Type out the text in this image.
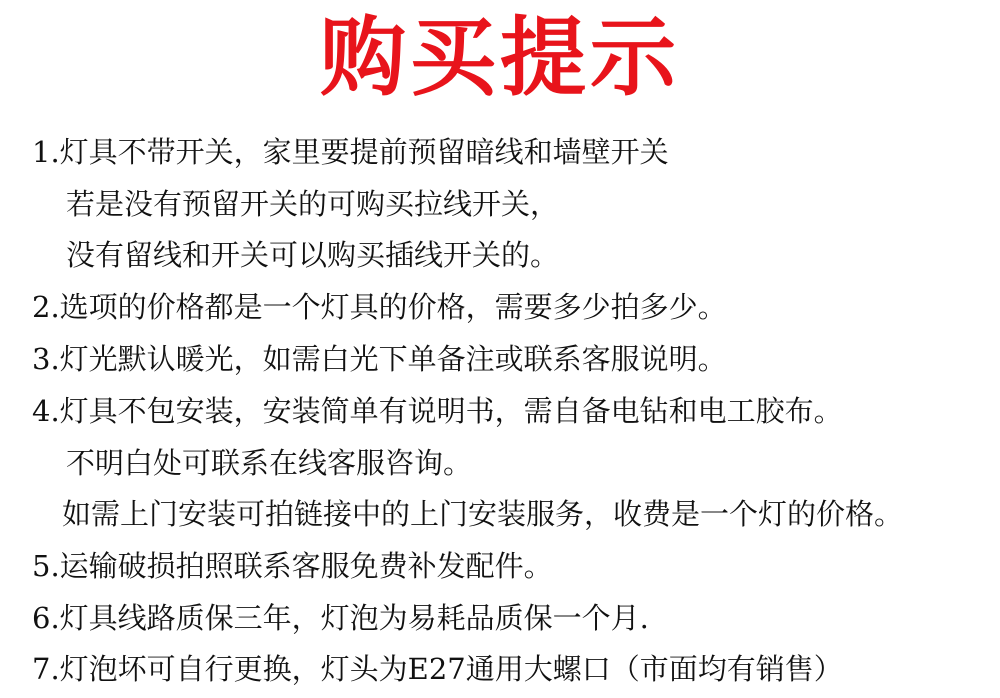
购买提示
1.灯具不带开关，家里要提前预留暗线和墙壁开关
若是没有预留开关的可购买拉线开关，
没有留线和开关可以购买插线开关的。
2.选项的价格都是一个灯具的价格，需要多少拍多少。
3.灯光默认暖光，如需白光下单备注或联系客服说明。
4.灯具不包安装，安装简单有说明书，需自备电钻和电工胶布。
不明白处可联系在线客服咨询。
如需上门安装可拍链接中的上门安装服务，收费是一个灯的价格。
5.运输破损拍照联系客服免费补发配件。
6.灯具线路质保三年，灯泡为易耗品质保一个月.
7.灯泡坏可自行更换，灯头为E27通用大螺口（市面均有销售）
